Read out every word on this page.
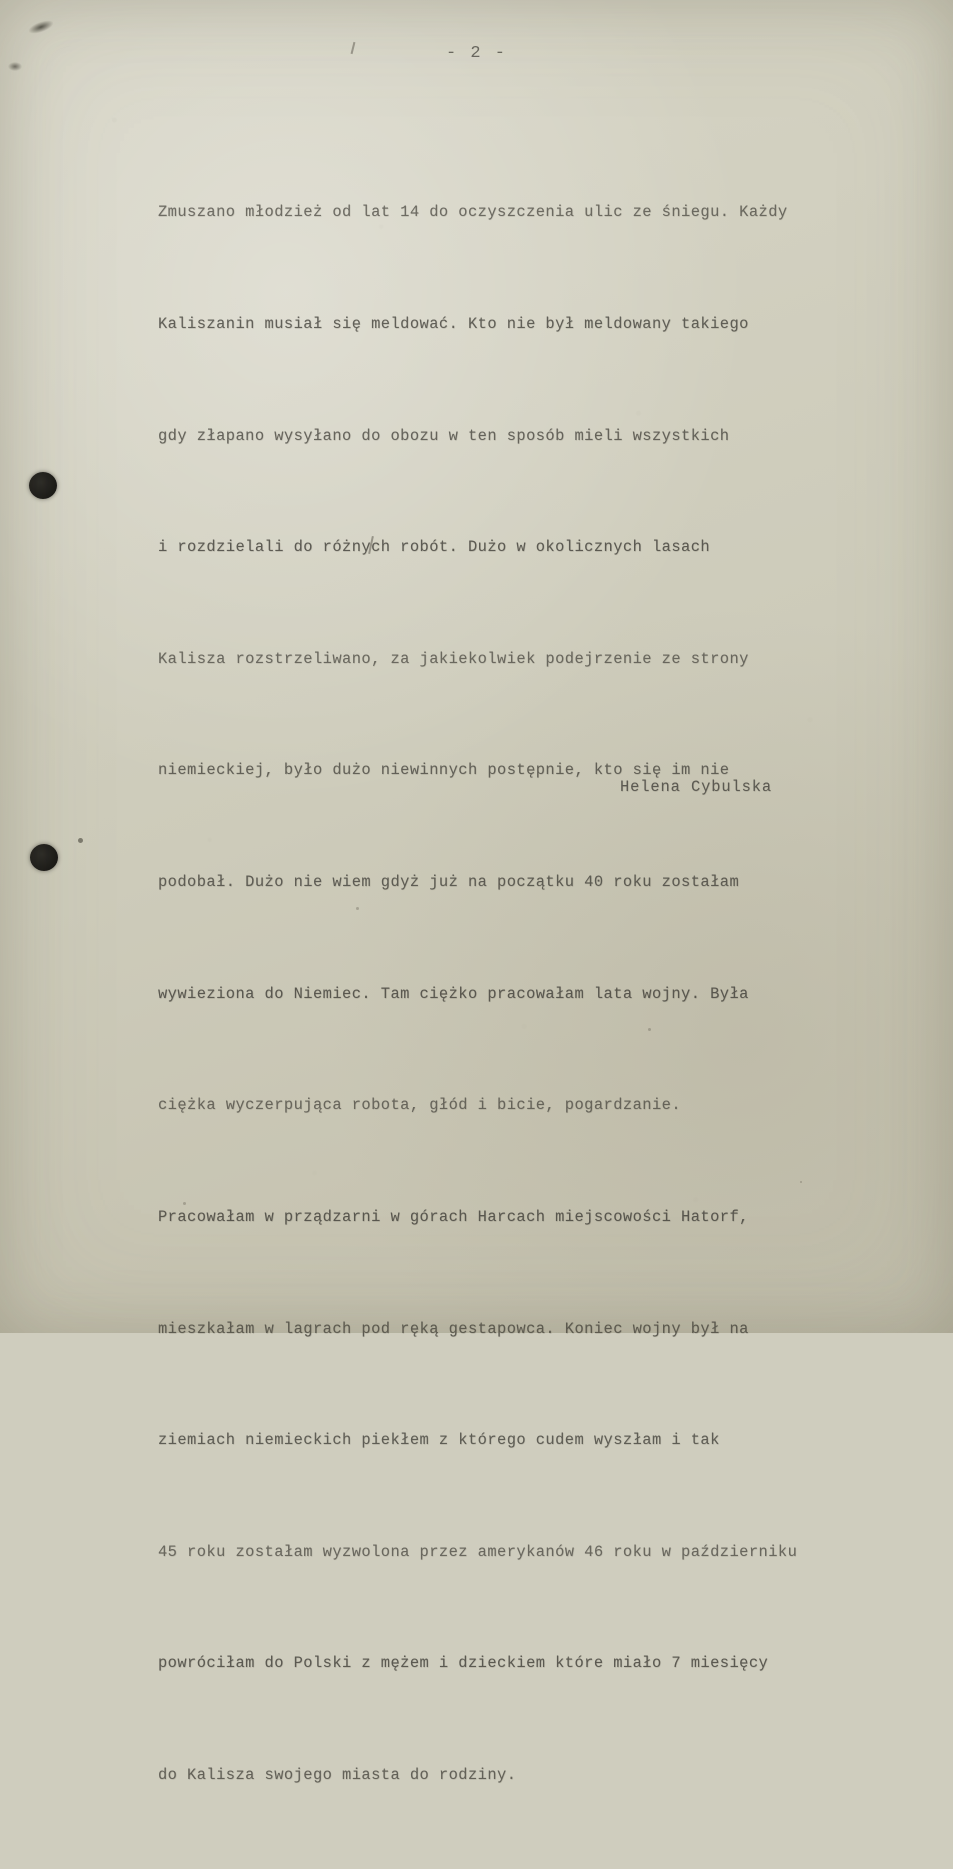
- 2 -

Zmuszano młodzież od lat 14 do oczyszczenia ulic ze śniegu. Każdy

Kaliszanin musiał się meldować. Kto nie był meldowany takiego

gdy złapano wysyłano do obozu w ten sposób mieli wszystkich

i rozdzielali do różnych robót. Dużo w okolicznych lasach

Kalisza rozstrzeliwano, za jakiekolwiek podejrzenie ze strony

niemieckiej, było dużo niewinnych postępnie, kto się im nie

podobał. Dużo nie wiem gdyż już na początku 40 roku zostałam

wywieziona do Niemiec. Tam ciężko pracowałam lata wojny. Była

ciężka wyczerpująca robota, głód i bicie, pogardzanie.

Pracowałam w prządzarni w górach Harcach miejscowości Hatorf,

mieszkałam w lagrach pod ręką gestapowca. Koniec wojny był na

ziemiach niemieckich piekłem z którego cudem wyszłam i tak

45 roku zostałam wyzwolona przez amerykanów 46 roku w październiku

powróciłam do Polski z mężem i dzieckiem które miało 7 miesięcy

do Kalisza swojego miasta do rodziny.

Helena Cybulska
